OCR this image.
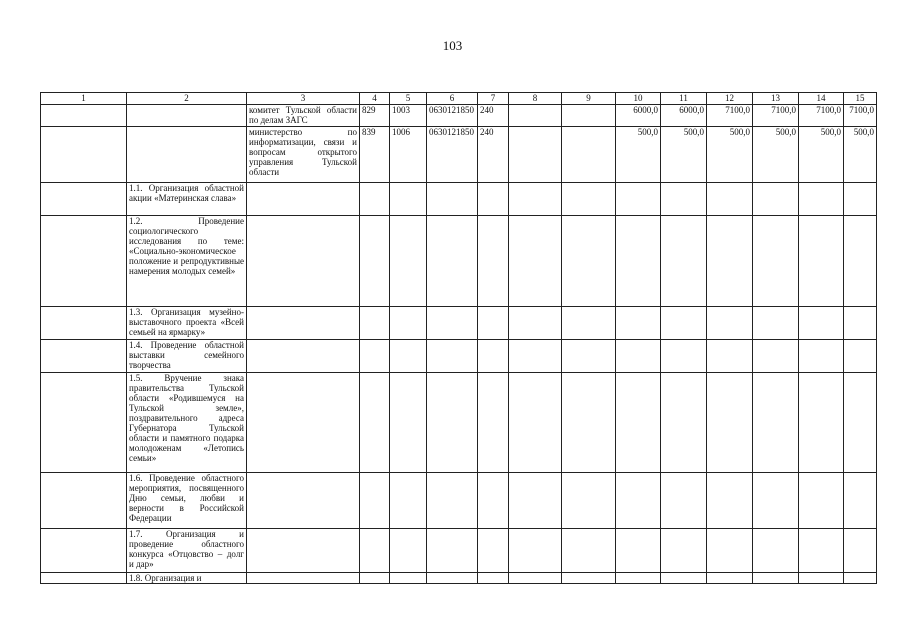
103
1	2	3	4	5	6	7	8	9	10	11	12	13	14	15
		комитет Тульской области по делам ЗАГС	829	1003	0630121850	240			6000,0	6000,0	7100,0	7100,0	7100,0	7100,0
		министерство по информатизации, связи и вопросам открытого управления Тульской области	839	1006	0630121850	240			500,0	500,0	500,0	500,0	500,0	500,0
	1.1. Организация областной акции «Материнская слава»													
	1.2. Проведение социологического исследования по теме: «Социально-экономическое положение и репродуктивные намерения молодых семей»													
	1.3. Организация музейно-выставочного проекта «Всей семьей на ярмарку»													
	1.4. Проведение областной выставки семейного творчества													
	1.5. Вручение знака правительства Тульской области «Родившемуся на Тульской земле», поздравительного адреса Губернатора Тульской области и памятного подарка молодоженам «Летопись семьи»													
	1.6. Проведение областного мероприятия, посвященного Дню семьи, любви и верности в Российской Федерации													
	1.7. Организация и проведение областного конкурса «Отцовство – долг и дар»													
	1.8. Организация и													
